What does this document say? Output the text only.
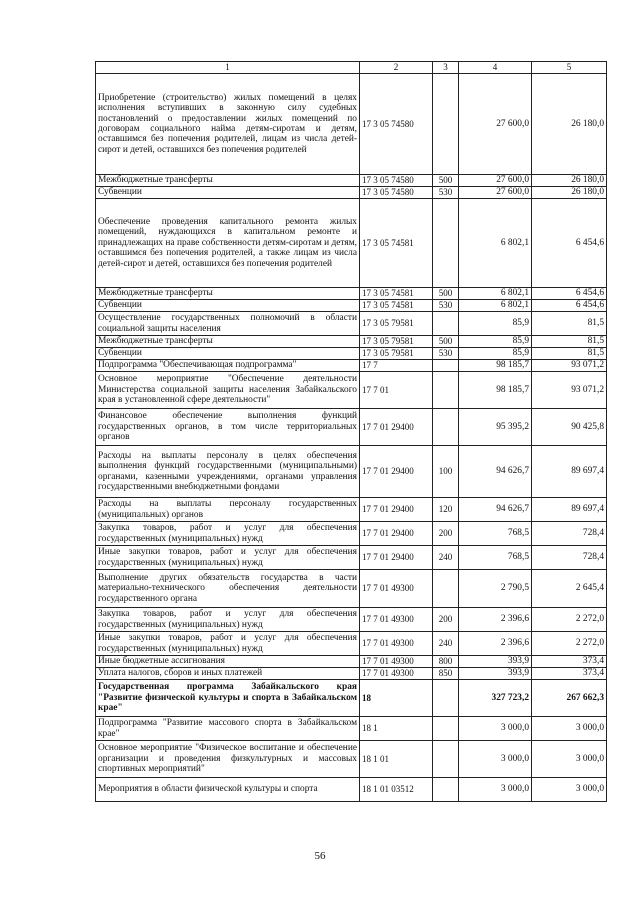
1	2	3	4	5
Приобретение (строительство) жилых помещений в целях исполнения вступивших в законную силу судебных постановлений о предоставлении жилых помещений по договорам социального найма детям-сиротам и детям, оставшимся без попечения родителей, лицам из числа детей-сирот и детей, оставшихся без попечения родителей	17 3 05 74580		27 600,0	26 180,0
Межбюджетные трансферты	17 3 05 74580	500	27 600,0	26 180,0
Субвенции	17 3 05 74580	530	27 600,0	26 180,0
Обеспечение проведения капитального ремонта жилых помещений, нуждающихся в капитальном ремонте и принадлежащих на праве собственности детям-сиротам и детям, оставшимся без попечения родителей, а также лицам из числа детей-сирот и детей, оставшихся без попечения родителей	17 3 05 74581		6 802,1	6 454,6
Межбюджетные трансферты	17 3 05 74581	500	6 802,1	6 454,6
Субвенции	17 3 05 74581	530	6 802,1	6 454,6
Осуществление государственных полномочий в области социальной защиты населения	17 3 05 79581		85,9	81,5
Межбюджетные трансферты	17 3 05 79581	500	85,9	81,5
Субвенции	17 3 05 79581	530	85,9	81,5
Подпрограмма "Обеспечивающая подпрограмма"	17 7		98 185,7	93 071,2
Основное мероприятие "Обеспечение деятельности Министерства социальной защиты населения Забайкальского края в установленной сфере деятельности"	17 7 01		98 185,7	93 071,2
Финансовое обеспечение выполнения функций государственных органов, в том числе территориальных органов	17 7 01 29400		95 395,2	90 425,8
Расходы на выплаты персоналу в целях обеспечения выполнения функций государственными (муниципальными) органами, казенными учреждениями, органами управления государственными внебюджетными фондами	17 7 01 29400	100	94 626,7	89 697,4
Расходы на выплаты персоналу государственных (муниципальных) органов	17 7 01 29400	120	94 626,7	89 697,4
Закупка товаров, работ и услуг для обеспечения государственных (муниципальных) нужд	17 7 01 29400	200	768,5	728,4
Иные закупки товаров, работ и услуг для обеспечения государственных (муниципальных) нужд	17 7 01 29400	240	768,5	728,4
Выполнение других обязательств государства в части материально-технического обеспечения деятельности государственного органа	17 7 01 49300		2 790,5	2 645,4
Закупка товаров, работ и услуг для обеспечения государственных (муниципальных) нужд	17 7 01 49300	200	2 396,6	2 272,0
Иные закупки товаров, работ и услуг для обеспечения государственных (муниципальных) нужд	17 7 01 49300	240	2 396,6	2 272,0
Иные бюджетные ассигнования	17 7 01 49300	800	393,9	373,4
Уплата налогов, сборов и иных платежей	17 7 01 49300	850	393,9	373,4
Государственная программа Забайкальского края "Развитие физической культуры и спорта в Забайкальском крае"	18		327 723,2	267 662,3
Подпрограмма "Развитие массового спорта в Забайкальском крае"	18 1		3 000,0	3 000,0
Основное мероприятие "Физическое воспитание и обеспечение организации и проведения физкультурных и массовых спортивных мероприятий"	18 1 01		3 000,0	3 000,0
Мероприятия в области физической культуры и спорта	18 1 01 03512		3 000,0	3 000,0
56
